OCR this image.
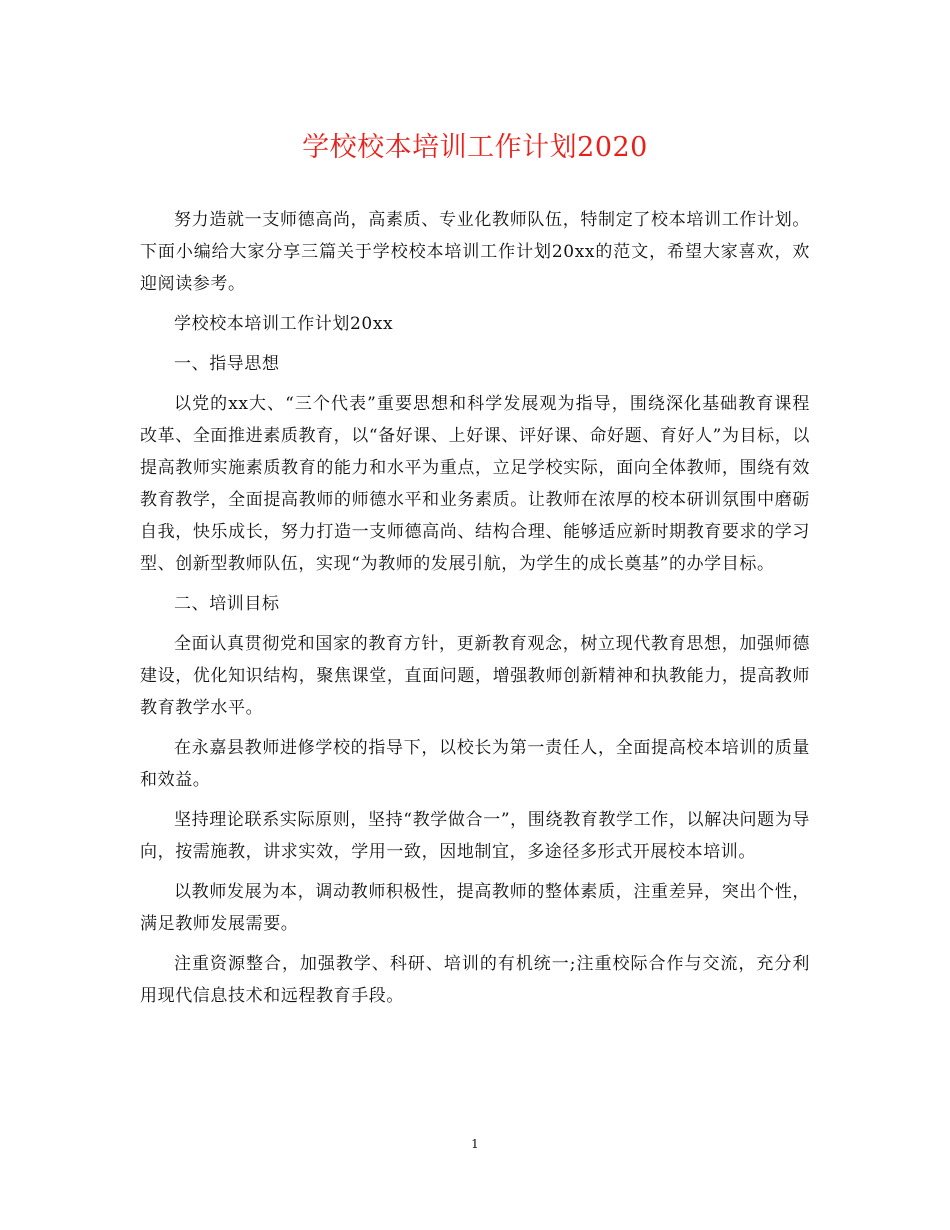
学校校本培训工作计划2020

努力造就一支师德高尚，高素质、专业化教师队伍，特制定了校本培训工作计划。下面小编给大家分享三篇关于学校校本培训工作计划20xx的范文，希望大家喜欢，欢迎阅读参考。

学校校本培训工作计划20xx

一、指导思想

以党的xx大、“三个代表”重要思想和科学发展观为指导，围绕深化基础教育课程改革、全面推进素质教育，以“备好课、上好课、评好课、命好题、育好人”为目标，以提高教师实施素质教育的能力和水平为重点，立足学校实际，面向全体教师，围绕有效教育教学，全面提高教师的师德水平和业务素质。让教师在浓厚的校本研训氛围中磨砺自我，快乐成长，努力打造一支师德高尚、结构合理、能够适应新时期教育要求的学习型、创新型教师队伍，实现“为教师的发展引航，为学生的成长奠基”的办学目标。

二、培训目标

全面认真贯彻党和国家的教育方针，更新教育观念，树立现代教育思想，加强师德建设，优化知识结构，聚焦课堂，直面问题，增强教师创新精神和执教能力，提高教师教育教学水平。

在永嘉县教师进修学校的指导下，以校长为第一责任人，全面提高校本培训的质量和效益。

坚持理论联系实际原则，坚持“教学做合一”，围绕教育教学工作，以解决问题为导向，按需施教，讲求实效，学用一致，因地制宜，多途径多形式开展校本培训。

以教师发展为本，调动教师积极性，提高教师的整体素质，注重差异，突出个性，满足教师发展需要。

注重资源整合，加强教学、科研、培训的有机统一;注重校际合作与交流，充分利用现代信息技术和远程教育手段。

1
